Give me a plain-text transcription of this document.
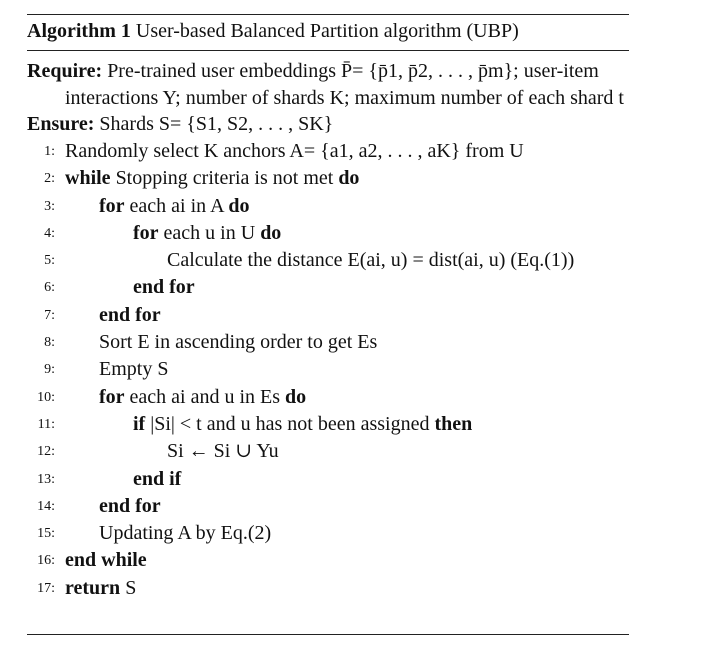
Algorithm 1 User-based Balanced Partition algorithm (UBP)
Require: Pre-trained user embeddings P̄= {p̄1, p̄2, . . . , p̄m}; user-item interactions Y; number of shards K; maximum number of each shard t
Ensure: Shards S= {S1, S2, . . . , SK}
1: Randomly select K anchors A= {a1, a2, . . . , aK} from U
2: while Stopping criteria is not met do
3: for each ai in A do
4:	for each u in U do
5:	Calculate the distance E(ai, u) = dist(ai, u) (Eq.(1))
6:	end for
7: end for
8: Sort E in ascending order to get Es
9: Empty S
10: for each ai and u in Es do
11:	if |Si| < t and u has not been assigned then
12:	Si ← Si ∪ Yu
13:	end if
14: end for
15: Updating A by Eq.(2)
16: end while
17: return S
